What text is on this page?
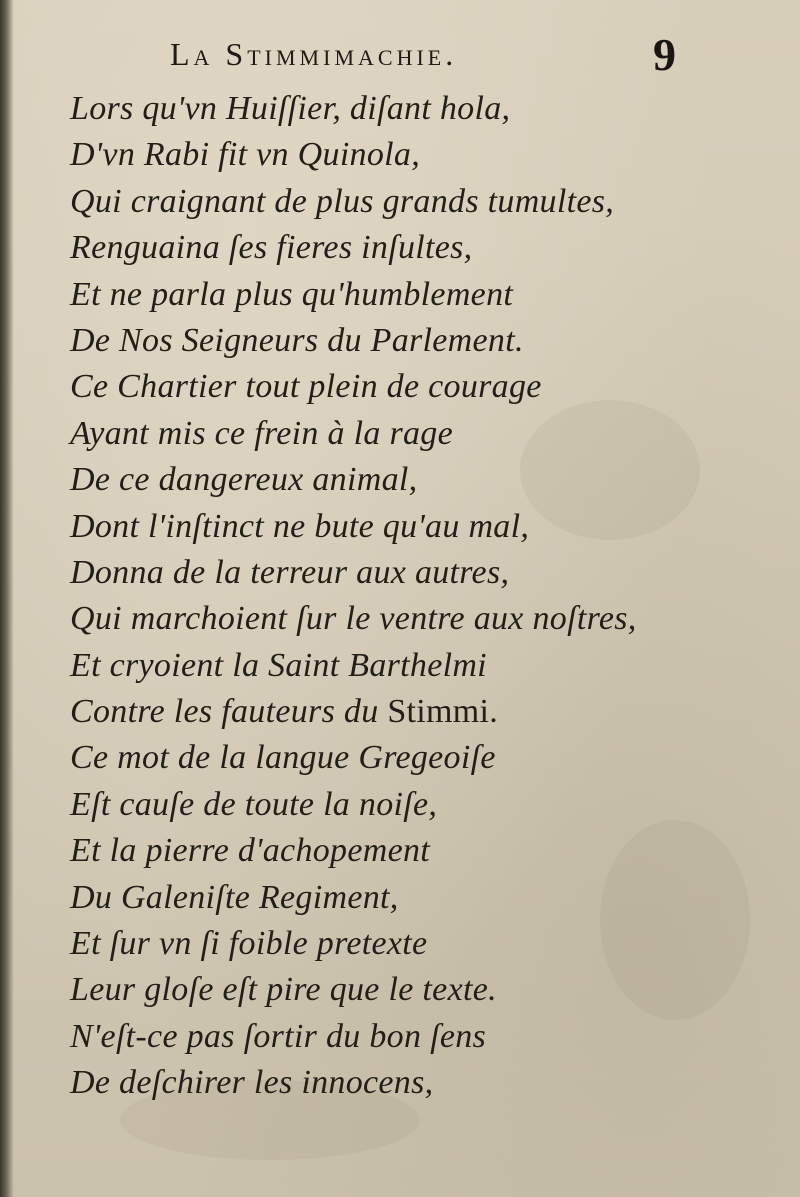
La Stimmimachie.	9
Lors qu'vn Huiſſier, diſant hola,
D'vn Rabi fit vn Quinola,
Qui craignant de plus grands tumultes,
Renguaina ſes fieres inſultes,
Et ne parla plus qu'humblement
De Nos Seigneurs du Parlement.
Ce Chartier tout plein de courage
Ayant mis ce frein à la rage
De ce dangereux animal,
Dont l'inſtinct ne bute qu'au mal,
Donna de la terreur aux autres,
Qui marchoient ſur le ventre aux noſtres,
Et cryoient la Saint Barthelmi
Contre les fauteurs du Stimmi.
Ce mot de la langue Gregeoiſe
Eſt cauſe de toute la noiſe,
Et la pierre d'achopement
Du Galeniſte Regiment,
Et ſur vn ſi foible pretexte
Leur gloſe eſt pire que le texte.
N'eſt-ce pas ſortir du bon ſens
De deſchirer les innocens,
